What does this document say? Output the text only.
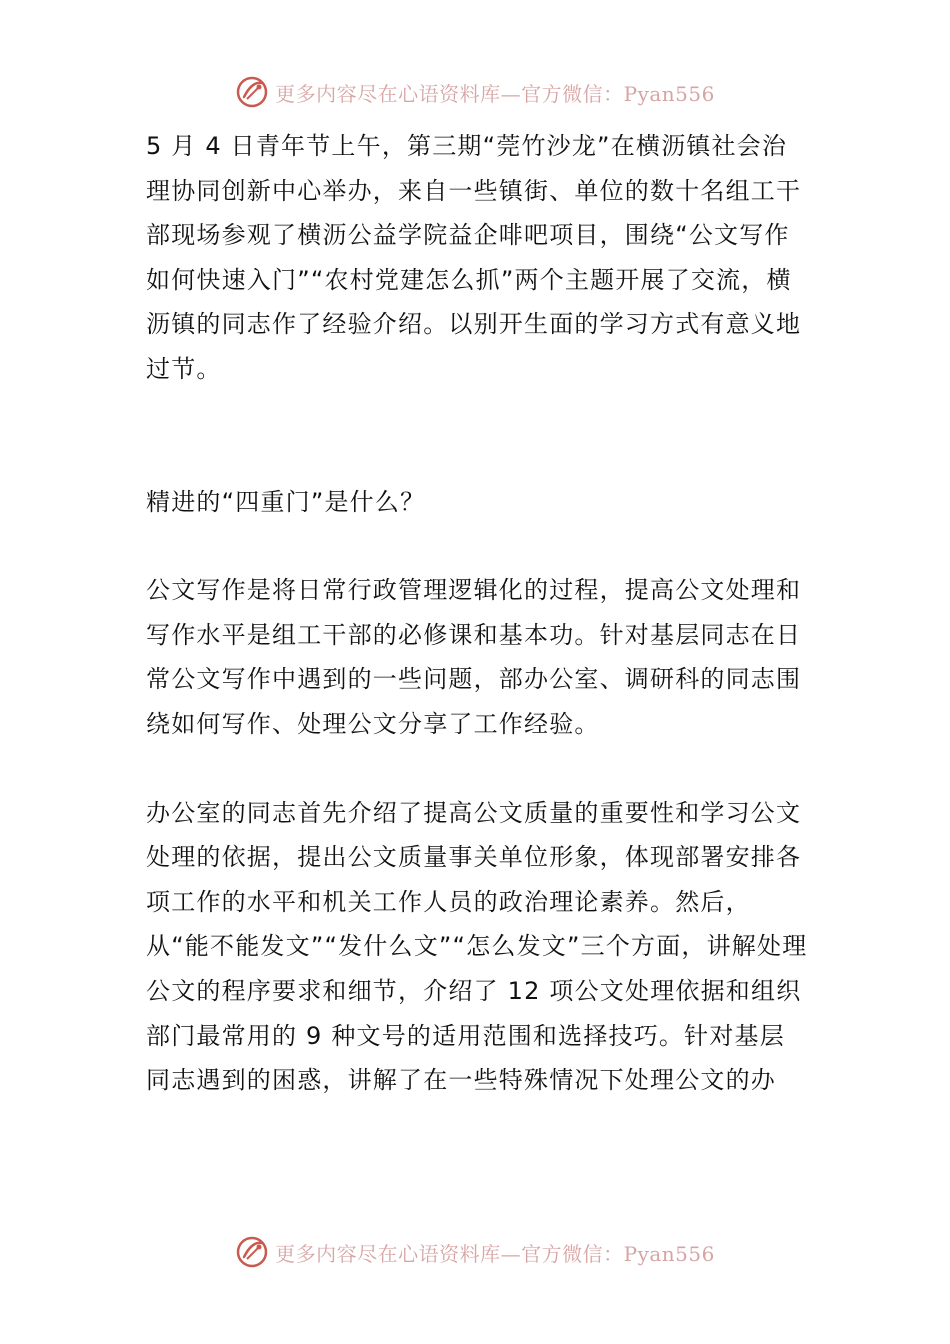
更多内容尽在心语资料库—官方微信：Pyan556

5 月 4 日青年节上午，第三期“莞竹沙龙”在横沥镇社会治理协同创新中心举办，来自一些镇街、单位的数十名组工干部现场参观了横沥公益学院益企啡吧项目，围绕“公文写作如何快速入门”“农村党建怎么抓”两个主题开展了交流，横沥镇的同志作了经验介绍。以别开生面的学习方式有意义地过节。

精进的“四重门”是什么？

公文写作是将日常行政管理逻辑化的过程，提高公文处理和写作水平是组工干部的必修课和基本功。针对基层同志在日常公文写作中遇到的一些问题，部办公室、调研科的同志围绕如何写作、处理公文分享了工作经验。

办公室的同志首先介绍了提高公文质量的重要性和学习公文处理的依据，提出公文质量事关单位形象，体现部署安排各项工作的水平和机关工作人员的政治理论素养。然后，从“能不能发文”“发什么文”“怎么发文”三个方面，讲解处理公文的程序要求和细节，介绍了 12 项公文处理依据和组织部门最常用的 9 种文号的适用范围和选择技巧。针对基层同志遇到的困惑，讲解了在一些特殊情况下处理公文的办

更多内容尽在心语资料库—官方微信：Pyan556
